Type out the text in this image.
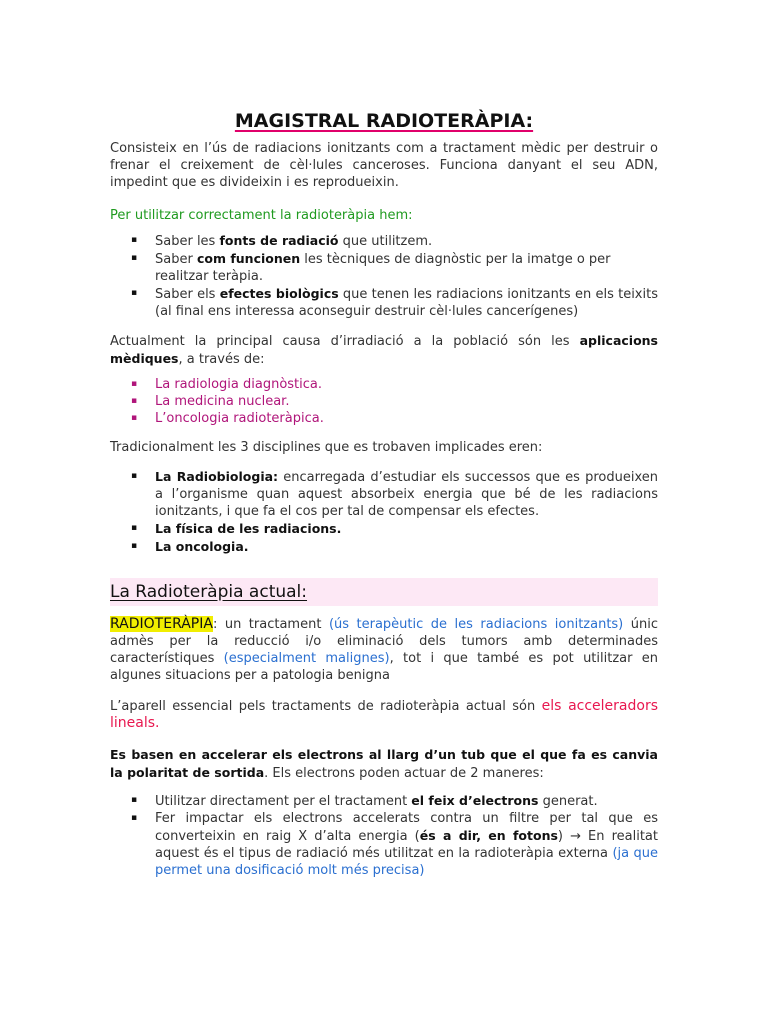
MAGISTRAL RADIOTERÀPIA:

Consisteix en l’ús de radiacions ionitzants com a tractament mèdic per destruir o frenar el creixement de cèl·lules canceroses. Funciona danyant el seu ADN, impedint que es divideixin i es reprodueixin.

Per utilitzar correctament la radioteràpia hem:

▪ Saber les fonts de radiació que utilitzem.
▪ Saber com funcionen les tècniques de diagnòstic per la imatge o per realitzar teràpia.
▪ Saber els efectes biològics que tenen les radiacions ionitzants en els teixits (al final ens interessa aconseguir destruir cèl·lules cancerígenes)

Actualment la principal causa d’irradiació a la població són les aplicacions mèdiques, a través de:

▪ La radiologia diagnòstica.
▪ La medicina nuclear.
▪ L’oncologia radioteràpica.

Tradicionalment les 3 disciplines que es trobaven implicades eren:

▪ La Radiobiologia: encarregada d’estudiar els successos que es produeixen a l’organisme quan aquest absorbeix energia que bé de les radiacions ionitzants, i que fa el cos per tal de compensar els efectes.
▪ La física de les radiacions.
▪ La oncologia.
La Radioteràpia actual:

RADIOTERÀPIA: un tractament (ús terapèutic de les radiacions ionitzants) únic admès per la reducció i/o eliminació dels tumors amb determinades característiques (especialment malignes), tot i que també es pot utilitzar en algunes situacions per a patologia benigna

L’aparell essencial pels tractaments de radioteràpia actual són els acceleradors lineals.

Es basen en accelerar els electrons al llarg d’un tub que el que fa es canvia la polaritat de sortida. Els electrons poden actuar de 2 maneres:

▪ Utilitzar directament per el tractament el feix d’electrons generat.
▪ Fer impactar els electrons accelerats contra un filtre per tal que es converteixin en raig X d’alta energia (és a dir, en fotons) → En realitat aquest és el tipus de radiació més utilitzat en la radioteràpia externa (ja que permet una dosificació molt més precisa)
